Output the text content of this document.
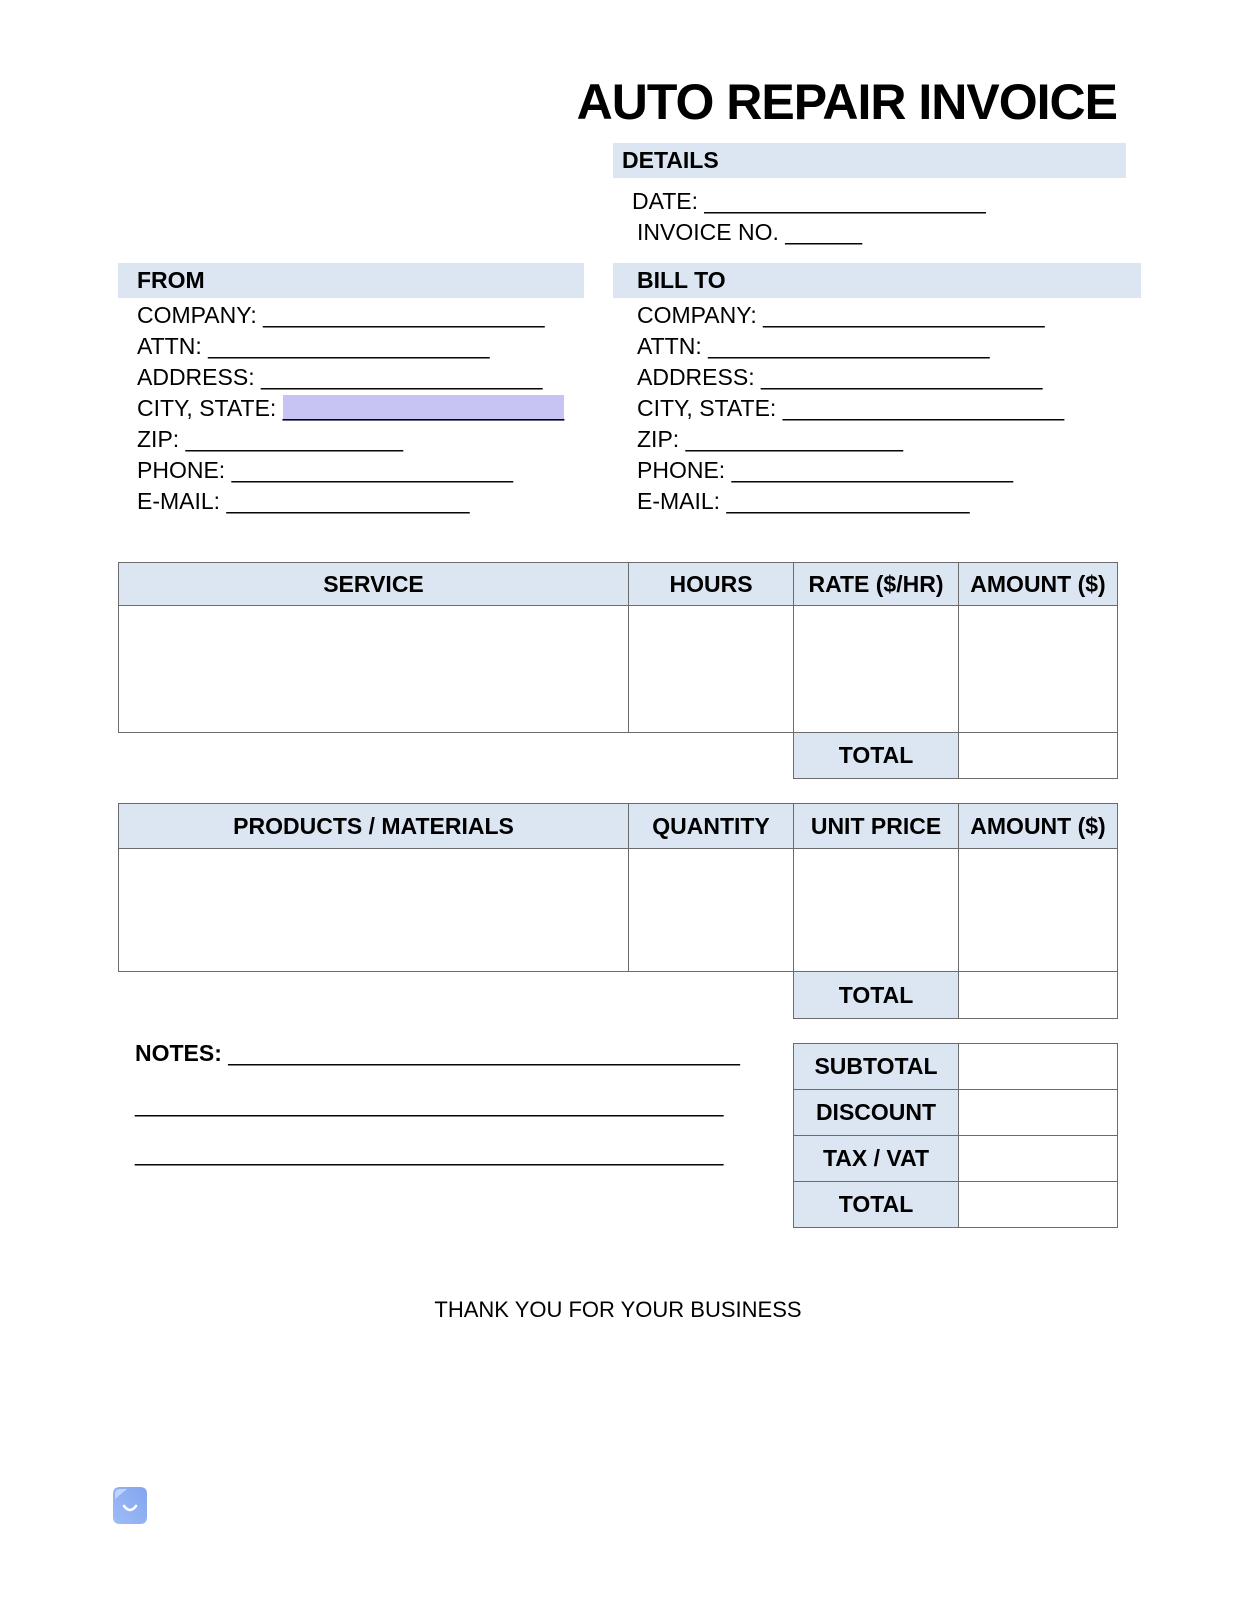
AUTO REPAIR INVOICE
DETAILS
DATE: ______________________
INVOICE NO. ______
FROM
COMPANY: ______________________
ATTN: ______________________
ADDRESS: ______________________
CITY, STATE: ______________________
ZIP: _________________
PHONE: ______________________
E-MAIL: ___________________
BILL TO
COMPANY: ______________________
ATTN: ______________________
ADDRESS: ______________________
CITY, STATE: ______________________
ZIP: _________________
PHONE: ______________________
E-MAIL: ___________________
SERVICE	HOURS	RATE ($/HR)	AMOUNT ($)
TOTAL
PRODUCTS / MATERIALS	QUANTITY	UNIT PRICE	AMOUNT ($)
TOTAL
NOTES: ________________________________________
______________________________________________
______________________________________________
SUBTOTAL
DISCOUNT
TAX / VAT
TOTAL
THANK YOU FOR YOUR BUSINESS
